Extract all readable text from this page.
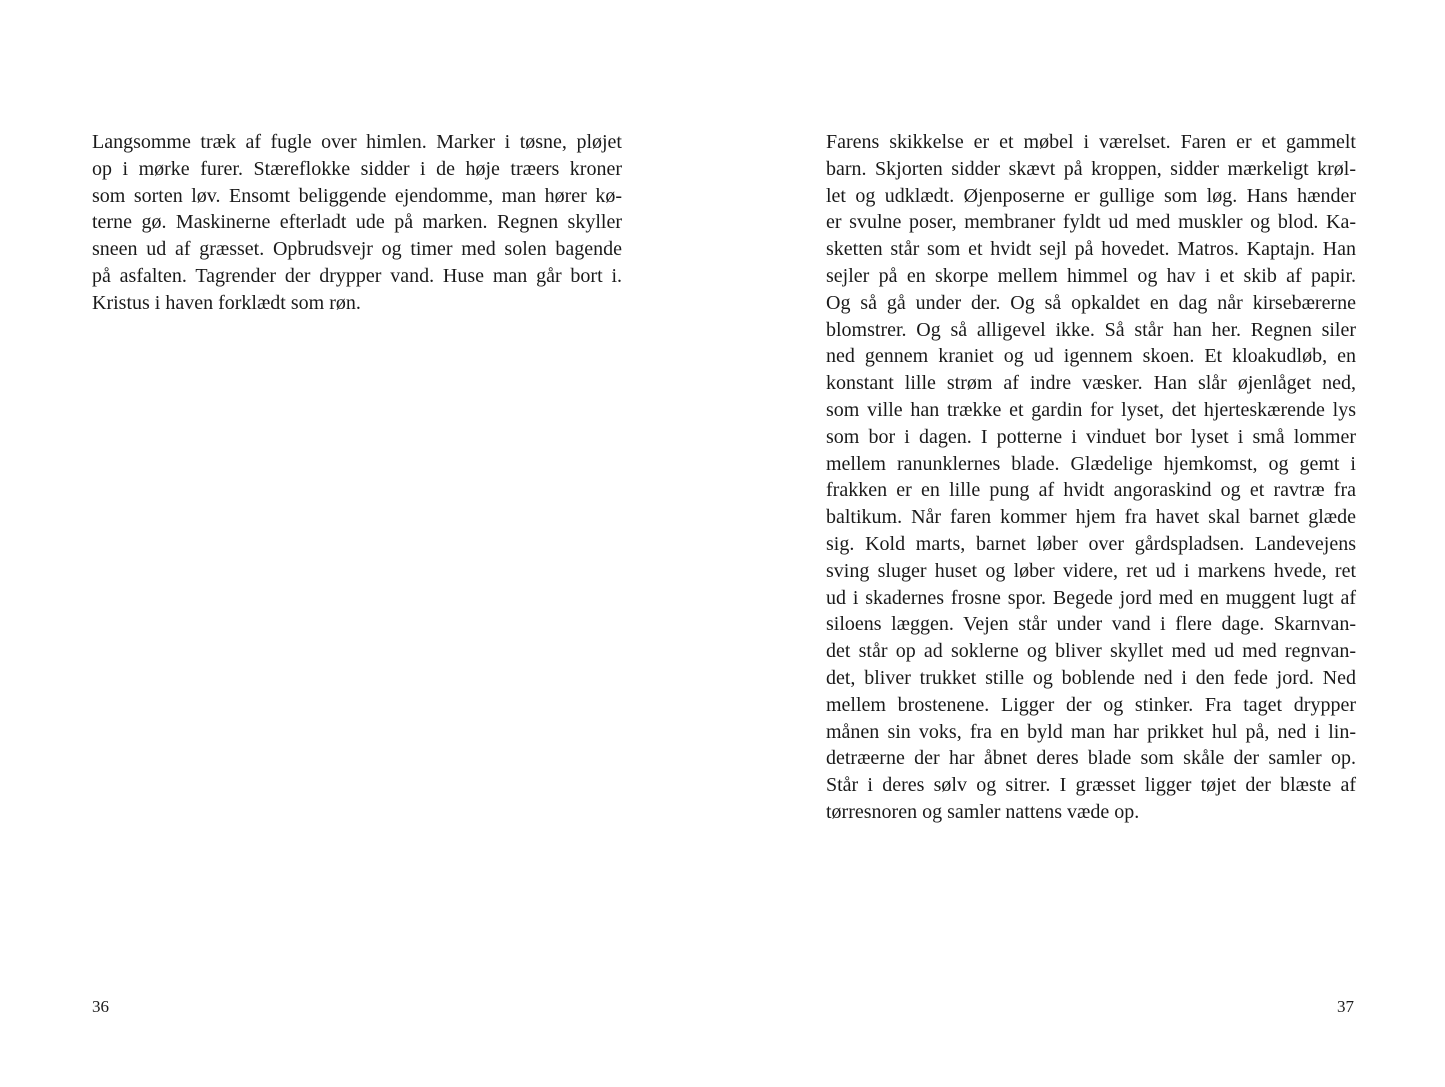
Langsomme træk af fugle over himlen. Marker i tøsne, pløjet
op i mørke furer. Stæreflokke sidder i de høje træers kroner
som sorten løv. Ensomt beliggende ejendomme, man hører kø-
terne gø. Maskinerne efterladt ude på marken. Regnen skyller
sneen ud af græsset. Opbrudsvejr og timer med solen bagende
på asfalten. Tagrender der drypper vand. Huse man går bort i.
Kristus i haven forklædt som røn.
36
Farens skikkelse er et møbel i værelset. Faren er et gammelt
barn. Skjorten sidder skævt på kroppen, sidder mærkeligt krøl-
let og udklædt. Øjenposerne er gullige som løg. Hans hænder
er svulne poser, membraner fyldt ud med muskler og blod. Ka-
sketten står som et hvidt sejl på hovedet. Matros. Kaptajn. Han
sejler på en skorpe mellem himmel og hav i et skib af papir.
Og så gå under der. Og så opkaldet en dag når kirsebærerne
blomstrer. Og så alligevel ikke. Så står han her. Regnen siler
ned gennem kraniet og ud igennem skoen. Et kloakudløb, en
konstant lille strøm af indre væsker. Han slår øjenlåget ned,
som ville han trække et gardin for lyset, det hjerteskærende lys
som bor i dagen. I potterne i vinduet bor lyset i små lommer
mellem ranunklernes blade. Glædelige hjemkomst, og gemt i
frakken er en lille pung af hvidt angoraskind og et ravtræ fra
baltikum. Når faren kommer hjem fra havet skal barnet glæde
sig. Kold marts, barnet løber over gårdspladsen. Landevejens
sving sluger huset og løber videre, ret ud i markens hvede, ret
ud i skadernes frosne spor. Begede jord med en muggent lugt af
siloens læggen. Vejen står under vand i flere dage. Skarnvan-
det står op ad soklerne og bliver skyllet med ud med regnvan-
det, bliver trukket stille og boblende ned i den fede jord. Ned
mellem brostenene. Ligger der og stinker. Fra taget drypper
månen sin voks, fra en byld man har prikket hul på, ned i lin-
detræerne der har åbnet deres blade som skåle der samler op.
Står i deres sølv og sitrer. I græsset ligger tøjet der blæste af
tørresnoren og samler nattens væde op.
37
